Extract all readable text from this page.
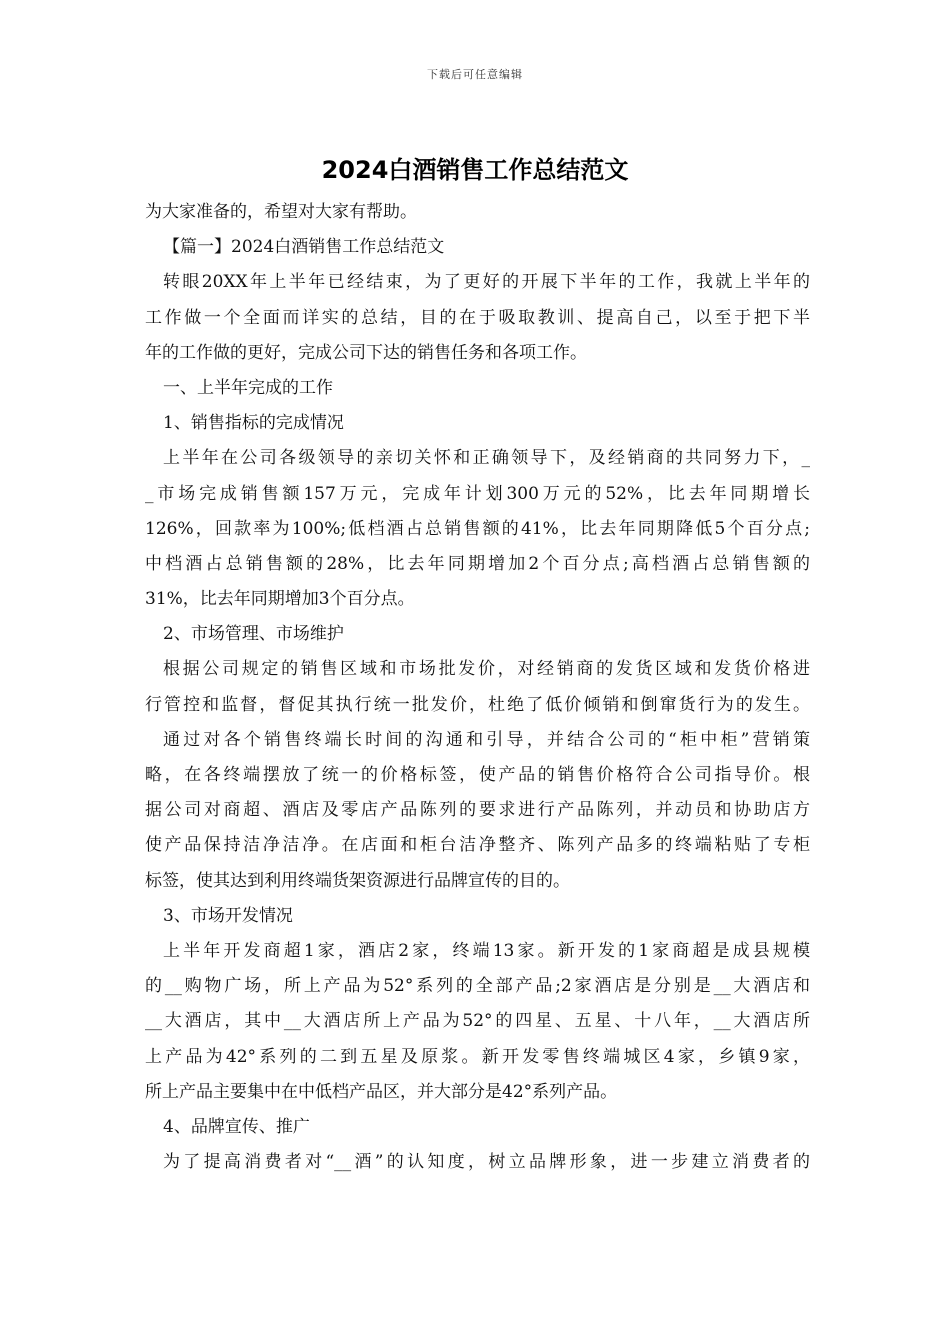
下载后可任意编辑
2024白酒销售工作总结范文
为大家准备的，希望对大家有帮助。
【篇一】2024白酒销售工作总结范文
转眼20XX年上半年已经结束，为了更好的开展下半年的工作，我就上半年的
工作做一个全面而详实的总结，目的在于吸取教训、提高自己，以至于把下半
年的工作做的更好，完成公司下达的销售任务和各项工作。
一、上半年完成的工作
1、销售指标的完成情况
上半年在公司各级领导的亲切关怀和正确领导下，及经销商的共同努力下，_
_市场完成销售额157万元，完成年计划300万元的52%，比去年同期增长
126%，回款率为100%;低档酒占总销售额的41%，比去年同期降低5个百分点;
中档酒占总销售额的28%，比去年同期增加2个百分点;高档酒占总销售额的
31%，比去年同期增加3个百分点。
2、市场管理、市场维护
根据公司规定的销售区域和市场批发价，对经销商的发货区域和发货价格进
行管控和监督，督促其执行统一批发价，杜绝了低价倾销和倒窜货行为的发生。
通过对各个销售终端长时间的沟通和引导，并结合公司的“柜中柜”营销策
略，在各终端摆放了统一的价格标签，使产品的销售价格符合公司指导价。根
据公司对商超、酒店及零店产品陈列的要求进行产品陈列，并动员和协助店方
使产品保持洁净洁净。在店面和柜台洁净整齐、陈列产品多的终端粘贴了专柜
标签，使其达到利用终端货架资源进行品牌宣传的目的。
3、市场开发情况
上半年开发商超1家，酒店2家，终端13家。新开发的1家商超是成县规模
的__购物广场，所上产品为52°系列的全部产品;2家酒店是分别是__大酒店和
__大酒店，其中__大酒店所上产品为52°的四星、五星、十八年，__大酒店所
上产品为42°系列的二到五星及原浆。新开发零售终端城区4家，乡镇9家，
所上产品主要集中在中低档产品区，并大部分是42°系列产品。
4、品牌宣传、推广
为了提高消费者对“__酒”的认知度，树立品牌形象，进一步建立消费者的
